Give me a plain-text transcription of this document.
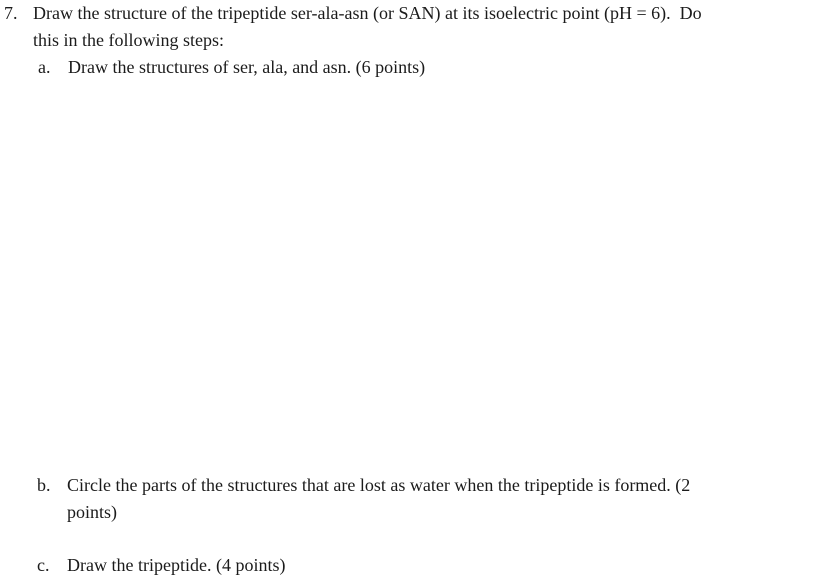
7. Draw the structure of the tripeptide ser-ala-asn (or SAN) at its isoelectric point (pH = 6).  Do
this in the following steps:
a. Draw the structures of ser, ala, and asn. (6 points)
b. Circle the parts of the structures that are lost as water when the tripeptide is formed. (2
points)
c. Draw the tripeptide. (4 points)
